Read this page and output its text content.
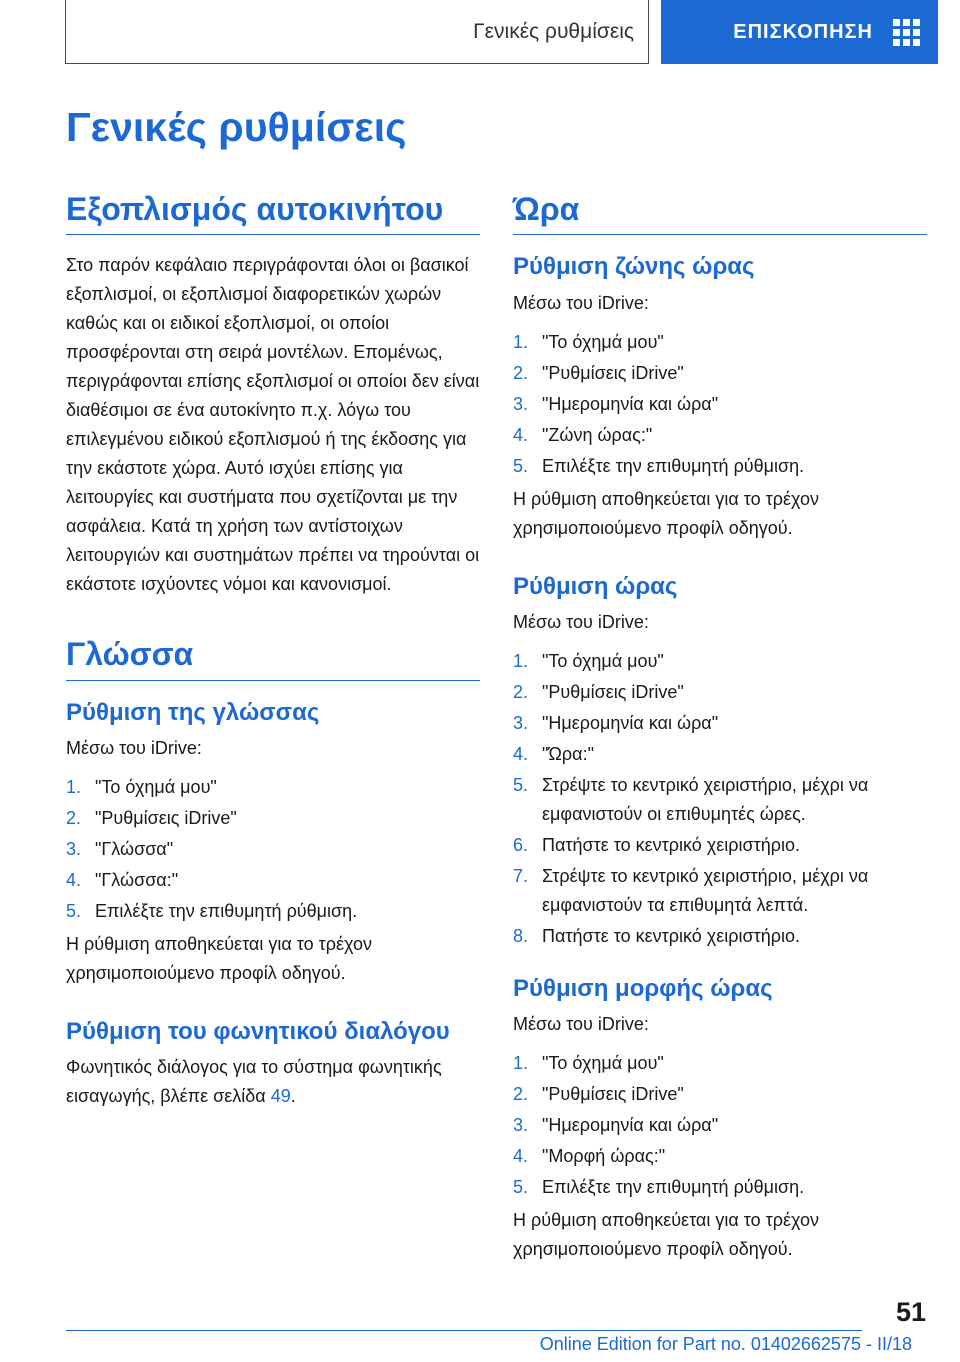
Γενικές ρυθμίσεις	ΕΠΙΣΚΟΠΗΣΗ
Γενικές ρυθμίσεις
Εξοπλισμός αυτοκινήτου

Στο παρόν κεφάλαιο περιγράφονται όλοι οι βασικοί εξοπλισμοί, οι εξοπλισμοί διαφορετικών χωρών καθώς και οι ειδικοί εξοπλισμοί, οι οποίοι προσφέρονται στη σειρά μοντέλων. Επομένως, περιγράφονται επίσης εξοπλισμοί οι οποίοι δεν είναι διαθέσιμοι σε ένα αυτοκίνητο π.χ. λόγω του επιλεγμένου ειδικού εξοπλισμού ή της έκδοσης για την εκάστοτε χώρα. Αυτό ισχύει επίσης για λειτουργίες και συστήματα που σχετίζονται με την ασφάλεια. Κατά τη χρήση των αντίστοιχων λειτουργιών και συστημάτων πρέπει να τηρούνται οι εκάστοτε ισχύοντες νόμοι και κανονισμοί.

Γλώσσα
Ρύθμιση της γλώσσας

Μέσω του iDrive:

1. "Το όχημά μου"
2. "Ρυθμίσεις iDrive"
3. "Γλώσσα"
4. "Γλώσσα:"
5. Επιλέξτε την επιθυμητή ρύθμιση.

Η ρύθμιση αποθηκεύεται για το τρέχον χρησιμοποιούμενο προφίλ οδηγού.

Ρύθμιση του φωνητικού διαλόγου

Φωνητικός διάλογος για το σύστημα φωνητικής εισαγωγής, βλέπε σελίδα 49.

Ώρα
Ρύθμιση ζώνης ώρας

Μέσω του iDrive:

1. "Το όχημά μου"
2. "Ρυθμίσεις iDrive"
3. "Ημερομηνία και ώρα"
4. "Ζώνη ώρας:"
5. Επιλέξτε την επιθυμητή ρύθμιση.

Η ρύθμιση αποθηκεύεται για το τρέχον χρησιμοποιούμενο προφίλ οδηγού.

Ρύθμιση ώρας

Μέσω του iDrive:

1. "Το όχημά μου"
2. "Ρυθμίσεις iDrive"
3. "Ημερομηνία και ώρα"
4. "Ώρα:"
5. Στρέψτε το κεντρικό χειριστήριο, μέχρι να εμφανιστούν οι επιθυμητές ώρες.
6. Πατήστε το κεντρικό χειριστήριο.
7. Στρέψτε το κεντρικό χειριστήριο, μέχρι να εμφανιστούν τα επιθυμητά λεπτά.
8. Πατήστε το κεντρικό χειριστήριο.
Ρύθμιση μορφής ώρας

Μέσω του iDrive:

1. "Το όχημά μου"
2. "Ρυθμίσεις iDrive"
3. "Ημερομηνία και ώρα"
4. "Μορφή ώρας:"
5. Επιλέξτε την επιθυμητή ρύθμιση.

Η ρύθμιση αποθηκεύεται για το τρέχον χρησιμοποιούμενο προφίλ οδηγού.

51
Online Edition for Part no. 01402662575 - II/18
